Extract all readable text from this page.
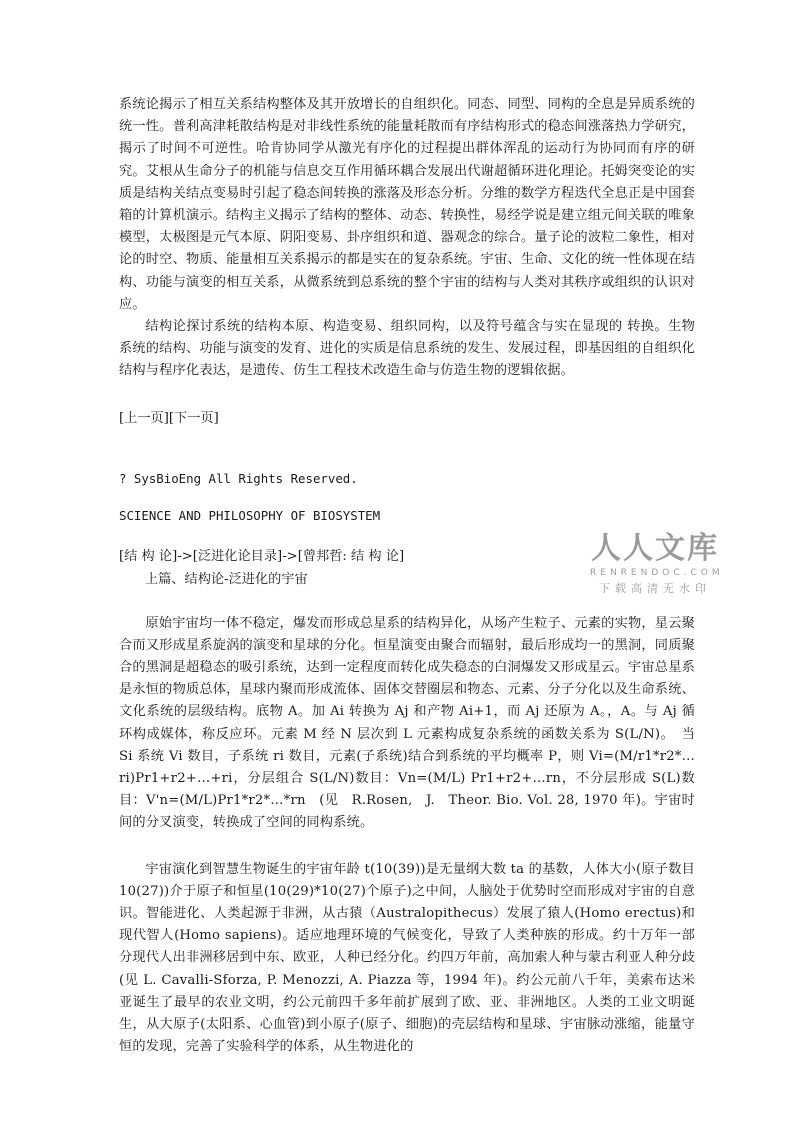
系统论揭示了相互关系结构整体及其开放增长的自组织化。同态、同型、同构的全息是异质系统的统一性。普利高津耗散结构是对非线性系统的能量耗散而有序结构形式的稳态间涨落热力学研究，揭示了时间不可逆性。哈肯协同学从激光有序化的过程提出群体浑乱的运动行为协同而有序的研究。艾根从生命分子的机能与信息交互作用循环耦合发展出代谢超循环进化理论。托姆突变论的实质是结构关结点变易时引起了稳态间转换的涨落及形态分析。分维的数学方程迭代全息正是中国套箱的计算机演示。结构主义揭示了结构的整体、动态、转换性，易经学说是建立组元间关联的唯象模型，太极图是元气本原、阴阳变易、卦序组织和道、器观念的综合。量子论的波粒二象性，相对论的时空、物质、能量相互关系揭示的都是实在的复杂系统。宇宙、生命、文化的统一性体现在结构、功能与演变的相互关系，从微系统到总系统的整个宇宙的结构与人类对其秩序或组织的认识对应。

结构论探讨系统的结构本原、构造变易、组织同构，以及符号蕴含与实在显现的 转换。生物系统的结构、功能与演变的发育、进化的实质是信息系统的发生、发展过程，即基因组的自组织化结构与程序化表达，是遗传、仿生工程技术改造生命与仿造生物的逻辑依据。

[上一页][下一页]

? SysBioEng All Rights Reserved.

SCIENCE AND PHILOSOPHY OF BIOSYSTEM

[结 构 论]->[泛进化论目录]->[曾邦哲: 结 构 论]

上篇、结构论-泛进化的宇宙

原始宇宙均一体不稳定，爆发而形成总星系的结构异化，从场产生粒子、元素的实物，星云聚合而又形成星系旋涡的演变和星球的分化。恒星演变由聚合而辐射，最后形成均一的黑洞，同质聚合的黑洞是超稳态的吸引系统，达到一定程度而转化成失稳态的白洞爆发又形成星云。宇宙总星系是永恒的物质总体，星球内聚而形成流体、固体交替圈层和物态、元素、分子分化以及生命系统、文化系统的层级结构。底物 A。加 Ai 转换为 Aj 和产物 Ai+1，而 Aj 还原为 A。，A。与 Aj 循环构成媒体，称反应环。元素 M 经 N 层次到 L 元素构成复杂系统的函数关系为 S(L/N)。　当 Si 系统 Vi 数目，子系统 ri 数目，元素(子系统)结合到系统的平均概率 P，则 Vi=(M/r1*r2*…ri)Pr1+r2+…+ri，分层组合 S(L/N)数目：Vn=(M/L) Pr1+r2+…rn，不分层形成 S(L)数目：V'n=(M/L)Pr1*r2*…*rn　(见　R.Rosen,　J.　Theor. Bio. Vol. 28, 1970 年)。宇宙时间的分叉演变，转换成了空间的同构系统。

宇宙演化到智慧生物诞生的宇宙年龄 t(10(39))是无量纲大数 ta 的基数，人体大小(原子数目 10(27))介于原子和恒星(10(29)*10(27)个原子)之中间，人脑处于优势时空而形成对宇宙的自意识。智能进化、人类起源于非洲，从古猿（Australopithecus）发展了猿人(Homo erectus)和现代智人(Homo sapiens)。适应地理环境的气候变化，导致了人类种族的形成。约十万年一部分现代人出非洲移居到中东、欧亚，人种已经分化。约四万年前，高加索人种与蒙古利亚人种分歧(见 L. Cavalli-Sforza, P. Menozzi, A. Piazza 等，1994 年)。约公元前八千年，美索布达米亚诞生了最早的农业文明，约公元前四千多年前扩展到了欧、亚、非洲地区。人类的工业文明诞生，从大原子(太阳系、心血管)到小原子(原子、细胞)的壳层结构和星球、宇宙脉动涨缩，能量守恒的发现，完善了实验科学的体系，从生物进化的

人人文库
RENRENDOC.COM
下载高清无水印
